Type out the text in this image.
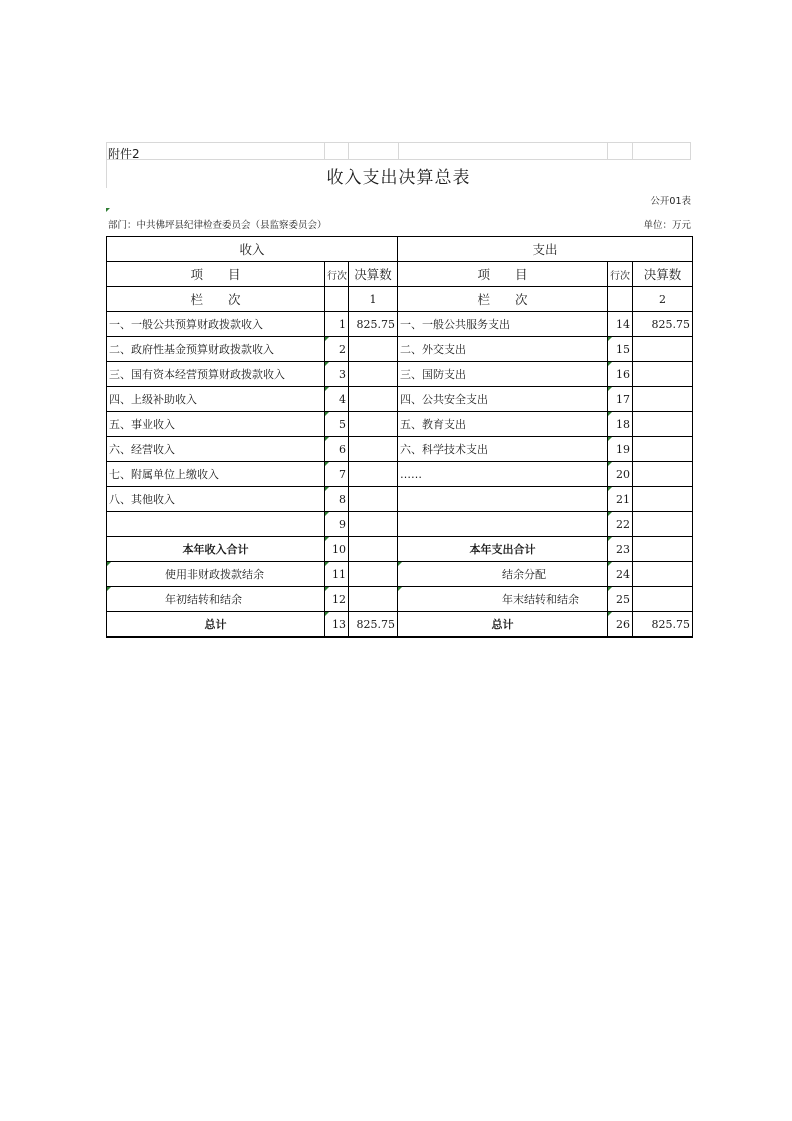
附件2
收入支出决算总表
公开01表
部门：中共佛坪县纪律检查委员会（县监察委员会）	单位：万元
收入			支出		
项　　目	行次	决算数	项　　目	行次	决算数
栏　　次		1	栏　　次		2
一、一般公共预算财政拨款收入	1	825.75	一、一般公共服务支出	14	825.75
二、政府性基金预算财政拨款收入	2		二、外交支出	15	
三、国有资本经营预算财政拨款收入	3		三、国防支出	16	
四、上级补助收入	4		四、公共安全支出	17	
五、事业收入	5		五、教育支出	18	
六、经营收入	6		六、科学技术支出	19	
七、附属单位上缴收入	7		……	20	
八、其他收入	8			21	
	9			22	
本年收入合计	10		本年支出合计	23	
使用非财政拨款结余	11		结余分配	24	
年初结转和结余	12		年末结转和结余	25	
总计	13	825.75	总计	26	825.75
